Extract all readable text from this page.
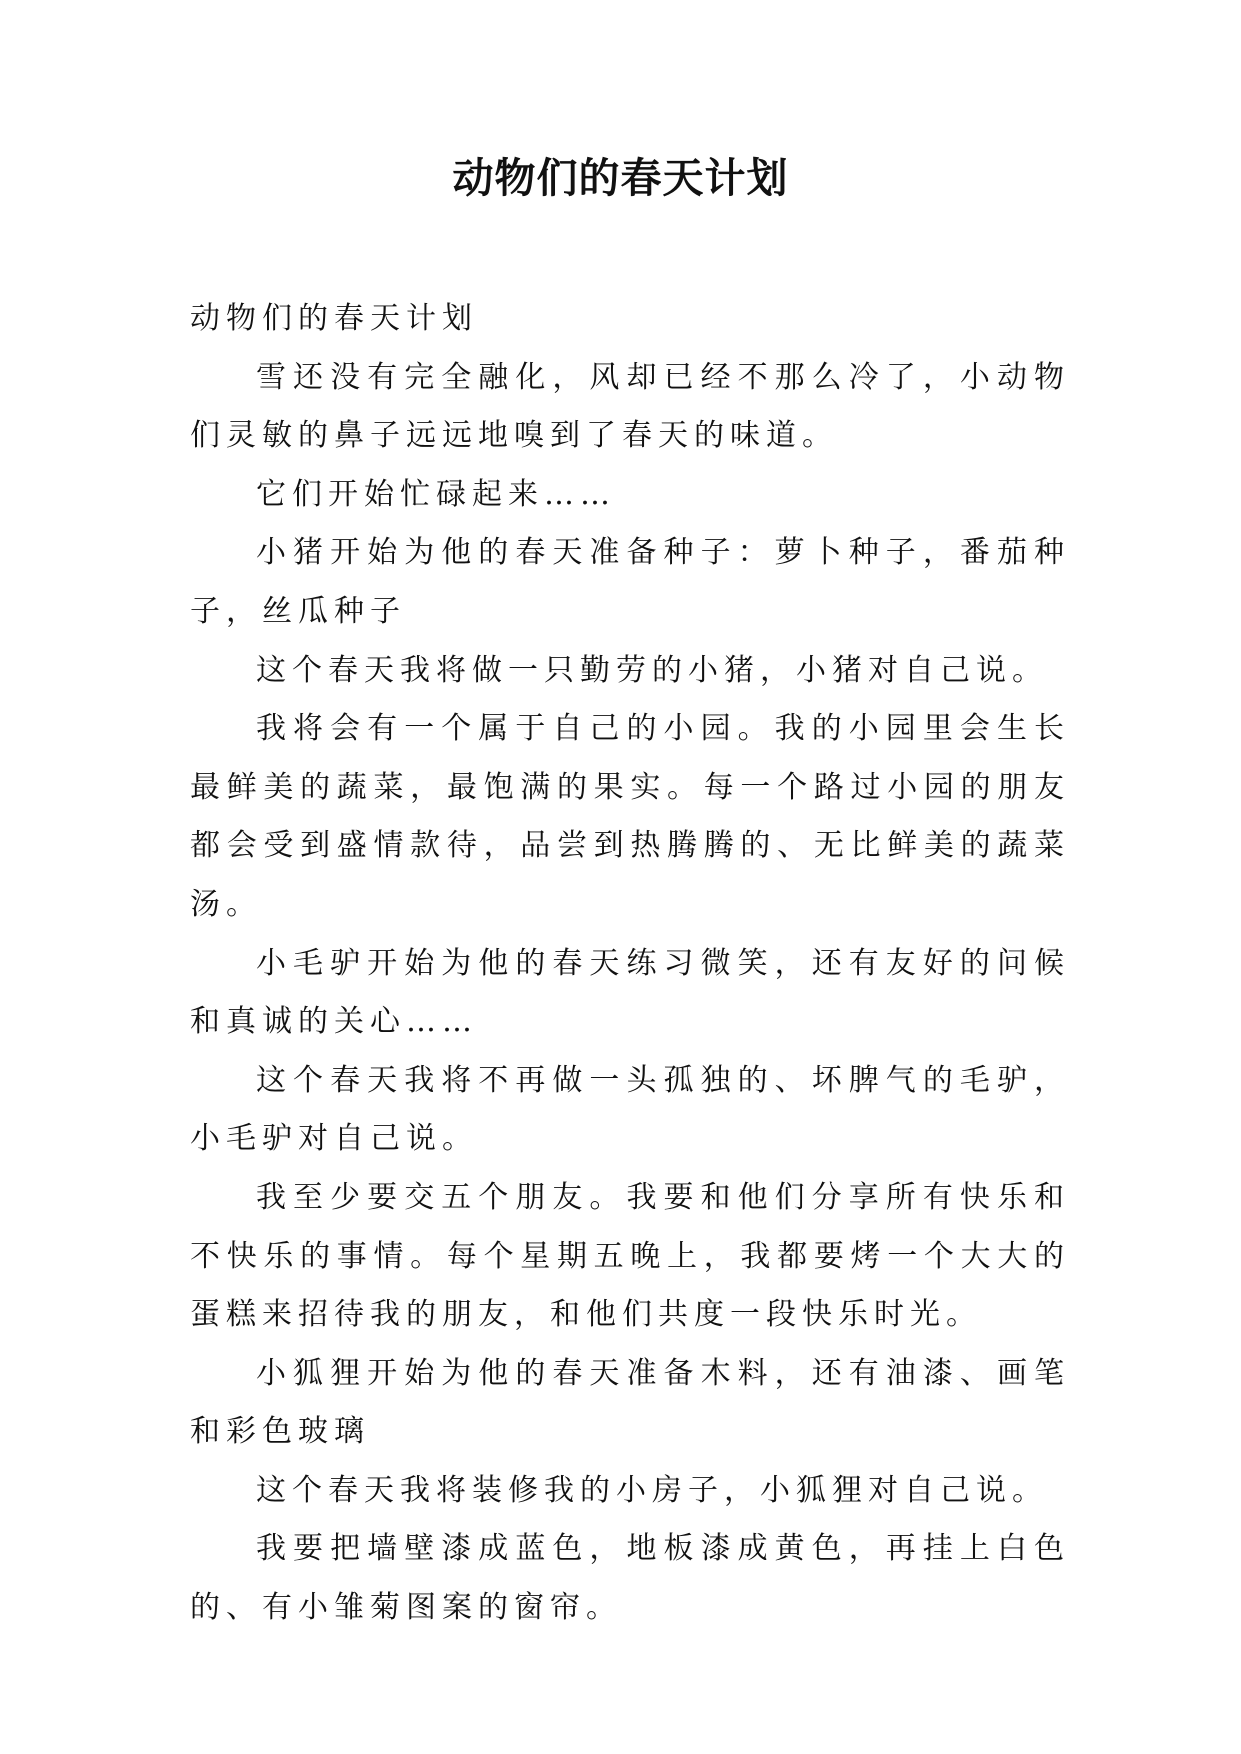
动物们的春天计划

动物们的春天计划

雪还没有完全融化，风却已经不那么冷了，小动物们灵敏的鼻子远远地嗅到了春天的味道。

它们开始忙碌起来……

小猪开始为他的春天准备种子：萝卜种子，番茄种子，丝瓜种子

这个春天我将做一只勤劳的小猪，小猪对自己说。

我将会有一个属于自己的小园。我的小园里会生长最鲜美的蔬菜，最饱满的果实。每一个路过小园的朋友都会受到盛情款待，品尝到热腾腾的、无比鲜美的蔬菜汤。

小毛驴开始为他的春天练习微笑，还有友好的问候和真诚的关心……

这个春天我将不再做一头孤独的、坏脾气的毛驴，小毛驴对自己说。

我至少要交五个朋友。我要和他们分享所有快乐和不快乐的事情。每个星期五晚上，我都要烤一个大大的蛋糕来招待我的朋友，和他们共度一段快乐时光。

小狐狸开始为他的春天准备木料，还有油漆、画笔和彩色玻璃

这个春天我将装修我的小房子，小狐狸对自己说。

我要把墙壁漆成蓝色，地板漆成黄色，再挂上白色的、有小雏菊图案的窗帘。
